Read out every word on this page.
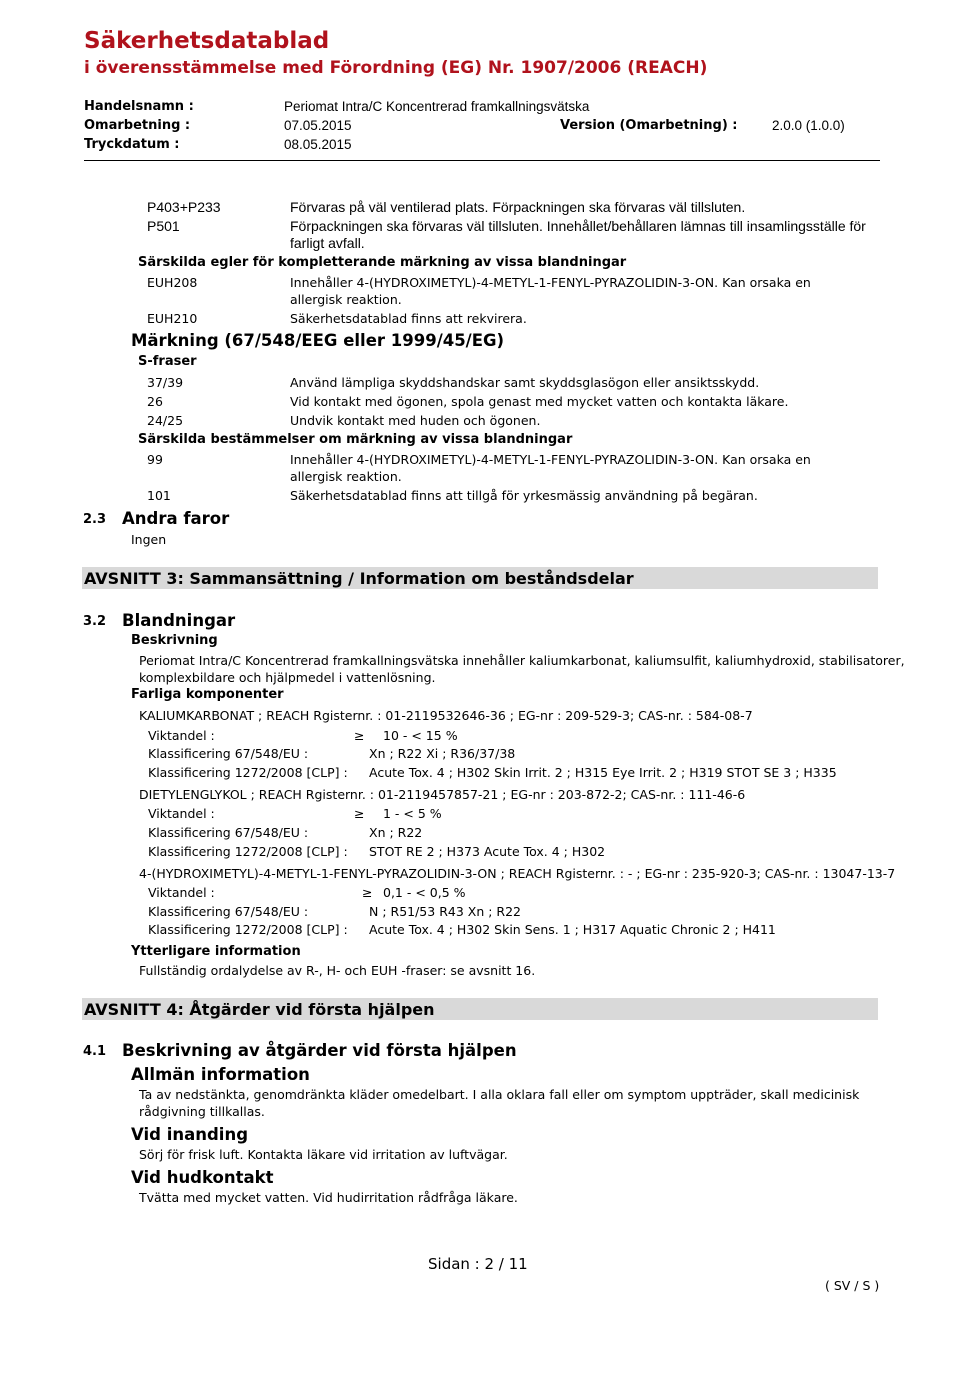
Säkerhetsdatablad
i överensstämmelse med Förordning (EG) Nr. 1907/2006 (REACH)
Handelsnamn :	Periomat Intra/C Koncentrerad framkallningsvätska
Omarbetning :	07.05.2015	Version (Omarbetning) :	2.0.0 (1.0.0)
Tryckdatum :	08.05.2015
P403+P233	Förvaras på väl ventilerad plats. Förpackningen ska förvaras väl tillsluten.
P501	Förpackningen ska förvaras väl tillsluten. Innehållet/behållaren lämnas till insamlingsställe för
farligt avfall.
Särskilda egler för kompletterande märkning av vissa blandningar
EUH208	Innehåller 4-(HYDROXIMETYL)-4-METYL-1-FENYL-PYRAZOLIDIN-3-ON. Kan orsaka en
allergisk reaktion.
EUH210	Säkerhetsdatablad finns att rekvirera.
Märkning (67/548/EEG eller 1999/45/EG)
S-fraser
37/39	Använd lämpliga skyddshandskar samt skyddsglasögon eller ansiktsskydd.
26	Vid kontakt med ögonen, spola genast med mycket vatten och kontakta läkare.
24/25	Undvik kontakt med huden och ögonen.
Särskilda bestämmelser om märkning av vissa blandningar
99	Innehåller 4-(HYDROXIMETYL)-4-METYL-1-FENYL-PYRAZOLIDIN-3-ON. Kan orsaka en
allergisk reaktion.
101	Säkerhetsdatablad finns att tillgå för yrkesmässig användning på begäran.
2.3 Andra faror
Ingen
AVSNITT 3: Sammansättning / Information om beståndsdelar
3.2 Blandningar
Beskrivning
Periomat Intra/C Koncentrerad framkallningsvätska innehåller kaliumkarbonat, kaliumsulfit, kaliumhydroxid, stabilisatorer,
komplexbildare och hjälpmedel i vattenlösning.
Farliga komponenter
KALIUMKARBONAT ; REACH Rgisternr. : 01-2119532646-36 ; EG-nr : 209-529-3; CAS-nr. : 584-08-7
Viktandel :	≥ 10 - < 15 %
Klassificering 67/548/EU :	Xn ; R22 Xi ; R36/37/38
Klassificering 1272/2008 [CLP] : Acute Tox. 4 ; H302 Skin Irrit. 2 ; H315 Eye Irrit. 2 ; H319 STOT SE 3 ; H335
DIETYLENGLYKOL ; REACH Rgisternr. : 01-2119457857-21 ; EG-nr : 203-872-2; CAS-nr. : 111-46-6
Viktandel :	≥ 1 - < 5 %
Klassificering 67/548/EU :	Xn ; R22
Klassificering 1272/2008 [CLP] : STOT RE 2 ; H373 Acute Tox. 4 ; H302
4-(HYDROXIMETYL)-4-METYL-1-FENYL-PYRAZOLIDIN-3-ON ; REACH Rgisternr. : - ; EG-nr : 235-920-3; CAS-nr. : 13047-13-7
Viktandel :	≥ 0,1 - < 0,5 %
Klassificering 67/548/EU :	N ; R51/53 R43 Xn ; R22
Klassificering 1272/2008 [CLP] : Acute Tox. 4 ; H302 Skin Sens. 1 ; H317 Aquatic Chronic 2 ; H411
Ytterligare information
Fullständig ordalydelse av R-, H- och EUH -fraser: se avsnitt 16.
AVSNITT 4: Åtgärder vid första hjälpen
4.1 Beskrivning av åtgärder vid första hjälpen
Allmän information
Ta av nedstänkta, genomdränkta kläder omedelbart. I alla oklara fall eller om symptom uppträder, skall medicinisk
rådgivning tillkallas.
Vid inanding
Sörj för frisk luft. Kontakta läkare vid irritation av luftvägar.
Vid hudkontakt
Tvätta med mycket vatten. Vid hudirritation rådfråga läkare.
Sidan : 2 / 11
( SV / S )
